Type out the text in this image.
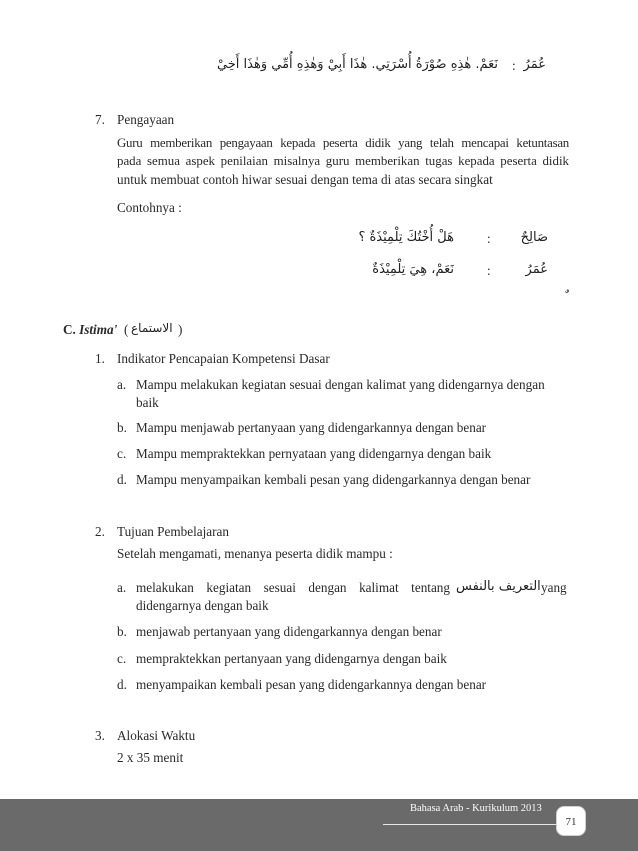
عُمَرُ
:
نَعَمْ. هٰذِهِ صُوْرَةُ أُسْرَتِي. هٰذَا أَبِيْ وَهٰذِهِ أُمِّي وَهٰذَا أَخِيْ
7. Pengayaan
Guru memberikan pengayaan kepada peserta didik yang telah mencapai ketuntasan
pada semua aspek penilaian misalnya guru memberikan tugas kepada peserta didik
untuk membuat contoh hiwar sesuai dengan tema di atas secara singkat
Contohnya :
صَالِحٌ
:
هَلْ أُخْتُكَ تِلْمِيْذَةٌ ؟
عُمَرُ
:
نَعَمْ، هِيَ تِلْمِيْذَةٌ
C. Istima' ( الاستماع )
1. Indikator Pencapaian Kompetensi Dasar
a. Mampu melakukan kegiatan sesuai dengan kalimat yang didengarnya dengan
baik
b. Mampu menjawab pertanyaan yang didengarkannya dengan benar
c. Mampu mempraktekkan pernyataan yang didengarnya dengan baik
d. Mampu menyampaikan kembali pesan yang didengarkannya dengan benar
2. Tujuan Pembelajaran
Setelah mengamati, menanya peserta didik mampu :
a. melakukan kegiatan sesuai dengan kalimat tentang التعريف بالنفس yang
didengarnya dengan baik
b. menjawab pertanyaan yang didengarkannya dengan benar
c. mempraktekkan pertanyaan yang didengarnya dengan baik
d. menyampaikan kembali pesan yang didengarkannya dengan benar
3. Alokasi Waktu
2 x 35 menit
Bahasa Arab - Kurikulum 2013
71
